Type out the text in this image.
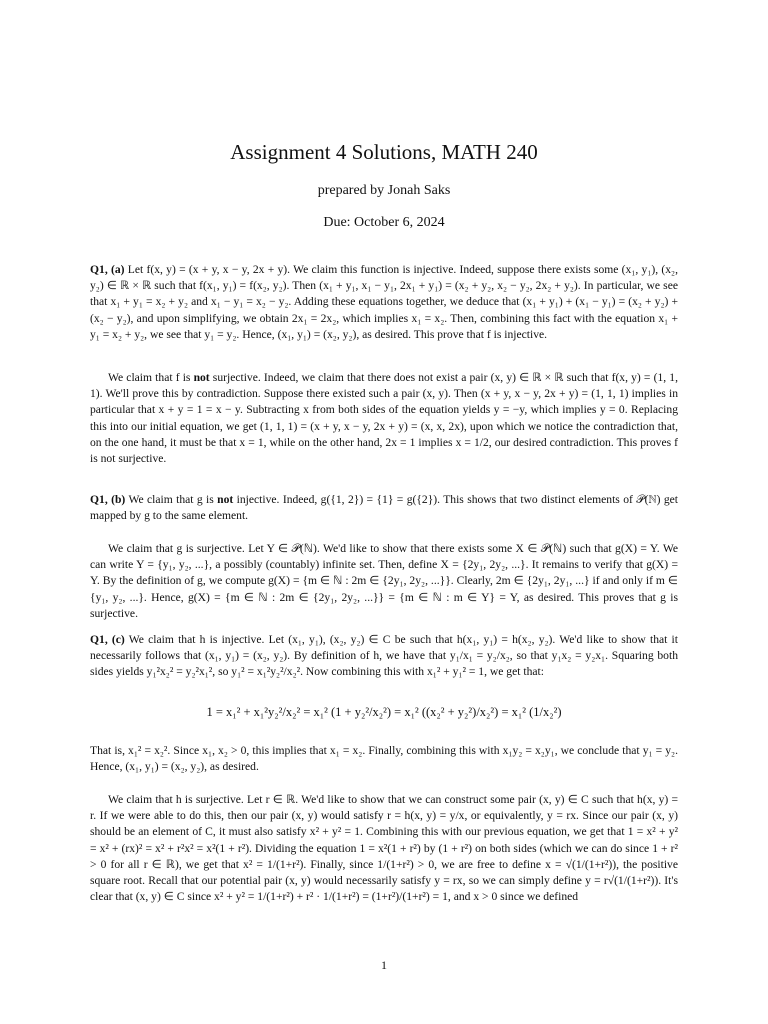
Assignment 4 Solutions, MATH 240
prepared by Jonah Saks
Due: October 6, 2024

Q1, (a) Let f(x, y) = (x + y, x − y, 2x + y). We claim this function is injective. Indeed, suppose there exists some (x₁, y₁), (x₂, y₂) ∈ ℝ × ℝ such that f(x₁, y₁) = f(x₂, y₂). Then (x₁ + y₁, x₁ − y₁, 2x₁ + y₁) = (x₂ + y₂, x₂ − y₂, 2x₂ + y₂). In particular, we see that x₁ + y₁ = x₂ + y₂ and x₁ − y₁ = x₂ − y₂. Adding these equations together, we deduce that (x₁ + y₁) + (x₁ − y₁) = (x₂ + y₂) + (x₂ − y₂), and upon simplifying, we obtain 2x₁ = 2x₂, which implies x₁ = x₂. Then, combining this fact with the equation x₁ + y₁ = x₂ + y₂, we see that y₁ = y₂. Hence, (x₁, y₁) = (x₂, y₂), as desired. This prove that f is injective.

We claim that f is not surjective. Indeed, we claim that there does not exist a pair (x, y) ∈ ℝ × ℝ such that f(x, y) = (1, 1, 1). We'll prove this by contradiction. Suppose there existed such a pair (x, y). Then (x + y, x − y, 2x + y) = (1, 1, 1) implies in particular that x + y = 1 = x − y. Subtracting x from both sides of the equation yields y = −y, which implies y = 0. Replacing this into our initial equation, we get (1, 1, 1) = (x + y, x − y, 2x + y) = (x, x, 2x), upon which we notice the contradiction that, on the one hand, it must be that x = 1, while on the other hand, 2x = 1 implies x = 1/2, our desired contradiction. This proves f is not surjective.

Q1, (b) We claim that g is not injective. Indeed, g({1, 2}) = {1} = g({2}). This shows that two distinct elements of 𝒫(ℕ) get mapped by g to the same element.

We claim that g is surjective. Let Y ∈ 𝒫(ℕ). We'd like to show that there exists some X ∈ 𝒫(ℕ) such that g(X) = Y. We can write Y = {y₁, y₂, ...}, a possibly (countably) infinite set. Then, define X = {2y₁, 2y₂, ...}. It remains to verify that g(X) = Y. By the definition of g, we compute g(X) = {m ∈ ℕ : 2m ∈ {2y₁, 2y₂, ...}}. Clearly, 2m ∈ {2y₁, 2y₁, ...} if and only if m ∈ {y₁, y₂, ...}. Hence, g(X) = {m ∈ ℕ : 2m ∈ {2y₁, 2y₂, ...}} = {m ∈ ℕ : m ∈ Y} = Y, as desired. This proves that g is surjective.

Q1, (c) We claim that h is injective. Let (x₁, y₁), (x₂, y₂) ∈ C be such that h(x₁, y₁) = h(x₂, y₂). We'd like to show that it necessarily follows that (x₁, y₁) = (x₂, y₂). By definition of h, we have that y₁/x₁ = y₂/x₂, so that y₁x₂ = y₂x₁. Squaring both sides yields y₁²x₂² = y₂²x₁², so y₁² = x₁²y₂²/x₂². Now combining this with x₁² + y₁² = 1, we get that:

1 = x₁² + x₁²y₂²/x₂² = x₁² (1 + y₂²/x₂²) = x₁² ((x₂² + y₂²)/x₂²) = x₁² (1/x₂²)

That is, x₁² = x₂². Since x₁, x₂ > 0, this implies that x₁ = x₂. Finally, combining this with x₁y₂ = x₂y₁, we conclude that y₁ = y₂. Hence, (x₁, y₁) = (x₂, y₂), as desired.

We claim that h is surjective. Let r ∈ ℝ. We'd like to show that we can construct some pair (x, y) ∈ C such that h(x, y) = r. If we were able to do this, then our pair (x, y) would satisfy r = h(x, y) = y/x, or equivalently, y = rx. Since our pair (x, y) should be an element of C, it must also satisfy x² + y² = 1. Combining this with our previous equation, we get that 1 = x² + y² = x² + (rx)² = x² + r²x² = x²(1 + r²). Dividing the equation 1 = x²(1 + r²) by (1 + r²) on both sides (which we can do since 1 + r² > 0 for all r ∈ ℝ), we get that x² = 1/(1+r²). Finally, since 1/(1+r²) > 0, we are free to define x = √(1/(1+r²)), the positive square root. Recall that our potential pair (x, y) would necessarily satisfy y = rx, so we can simply define y = r√(1/(1+r²)). It's clear that (x, y) ∈ C since x² + y² = 1/(1+r²) + r² · 1/(1+r²) = (1+r²)/(1+r²) = 1, and x > 0 since we defined

1
